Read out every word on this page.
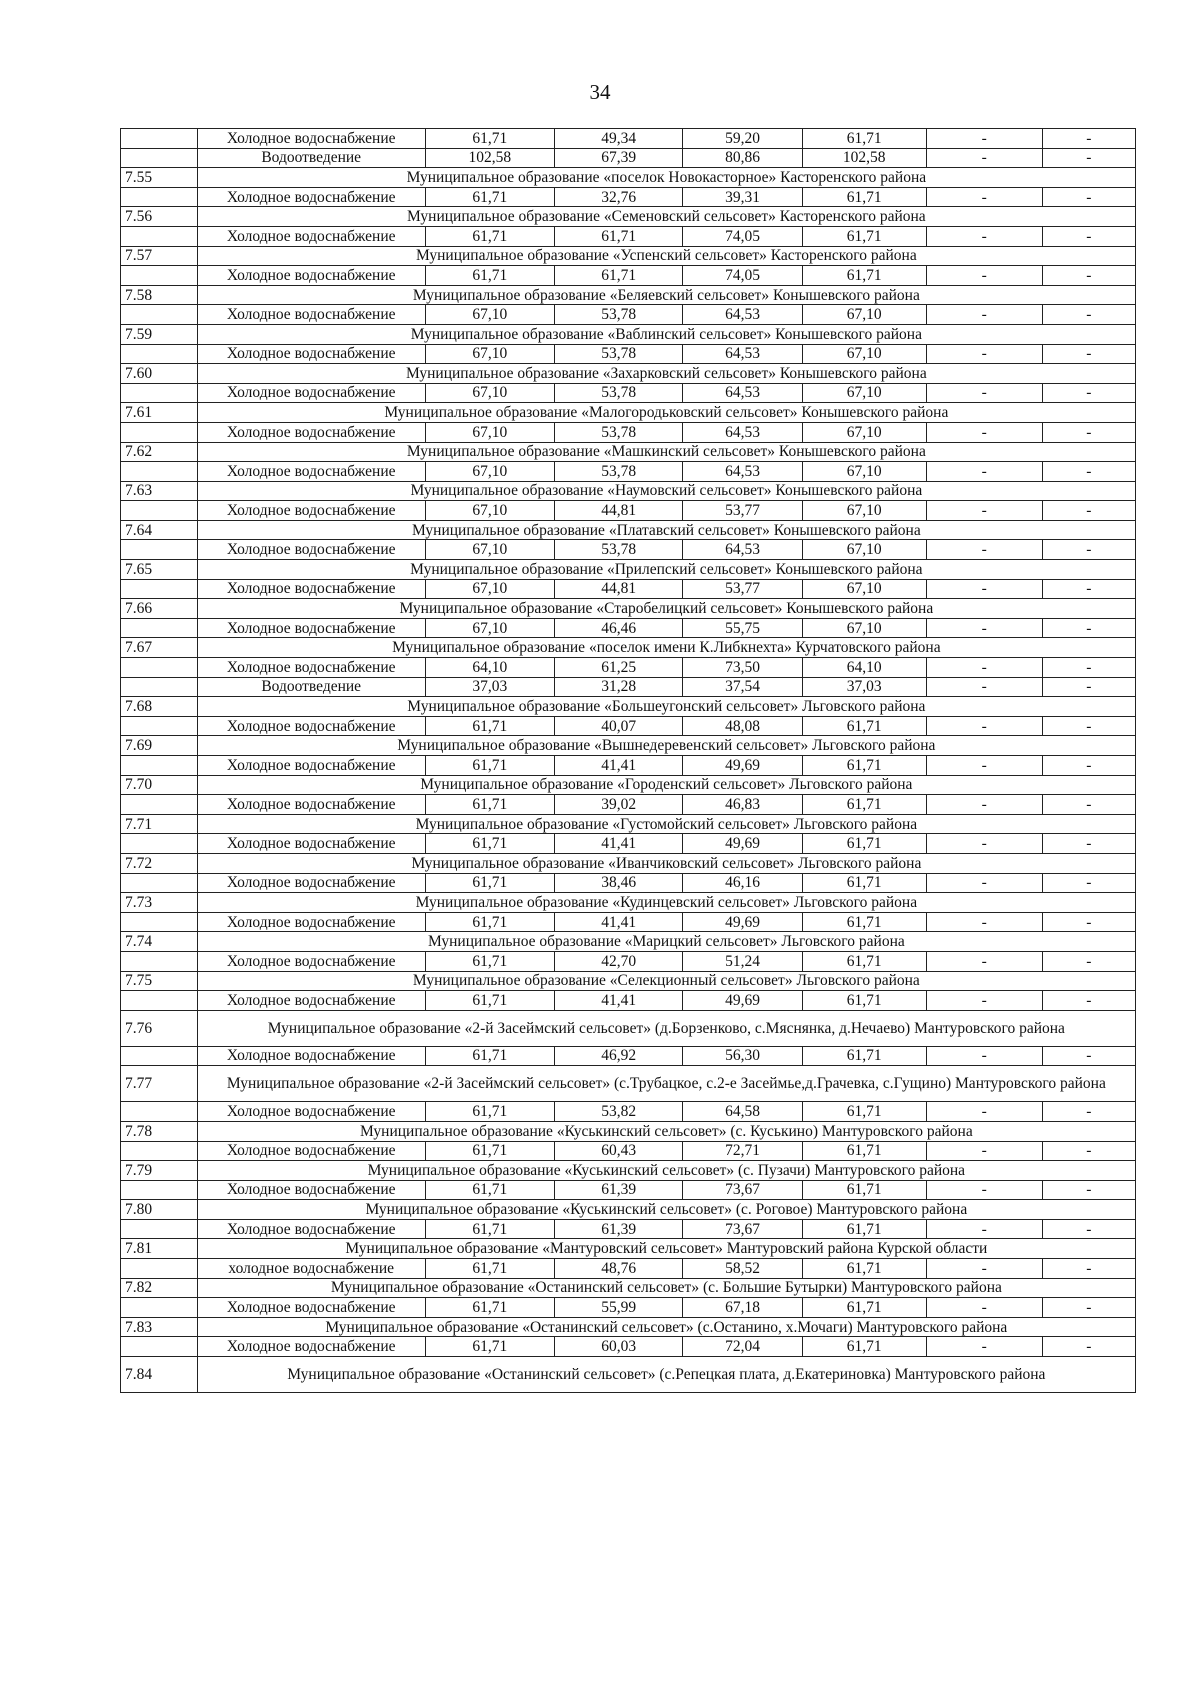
34
	Холодное водоснабжение	61,71	49,34	59,20	61,71	-	-
	Водоотведение	102,58	67,39	80,86	102,58	-	-
7.55	Муниципальное образование «поселок Новокасторное» Касторенского района						
	Холодное водоснабжение	61,71	32,76	39,31	61,71	-	-
7.56	Муниципальное образование «Семеновский сельсовет» Касторенского района						
	Холодное водоснабжение	61,71	61,71	74,05	61,71	-	-
7.57	Муниципальное образование «Успенский сельсовет» Касторенского района						
	Холодное водоснабжение	61,71	61,71	74,05	61,71	-	-
7.58	Муниципальное образование «Беляевский сельсовет» Конышевского района						
	Холодное водоснабжение	67,10	53,78	64,53	67,10	-	-
7.59	Муниципальное образование «Ваблинский сельсовет» Конышевского района						
	Холодное водоснабжение	67,10	53,78	64,53	67,10	-	-
7.60	Муниципальное образование «Захарковский сельсовет» Конышевского района						
	Холодное водоснабжение	67,10	53,78	64,53	67,10	-	-
7.61	Муниципальное образование «Малогородьковский сельсовет» Конышевского района						
	Холодное водоснабжение	67,10	53,78	64,53	67,10	-	-
7.62	Муниципальное образование «Машкинский сельсовет» Конышевского района						
	Холодное водоснабжение	67,10	53,78	64,53	67,10	-	-
7.63	Муниципальное образование «Наумовский сельсовет» Конышевского района						
	Холодное водоснабжение	67,10	44,81	53,77	67,10	-	-
7.64	Муниципальное образование «Платавский сельсовет» Конышевского района						
	Холодное водоснабжение	67,10	53,78	64,53	67,10	-	-
7.65	Муниципальное образование «Прилепский сельсовет» Конышевского района						
	Холодное водоснабжение	67,10	44,81	53,77	67,10	-	-
7.66	Муниципальное образование «Старобелицкий сельсовет» Конышевского района						
	Холодное водоснабжение	67,10	46,46	55,75	67,10	-	-
7.67	Муниципальное образование «поселок имени К.Либкнехта» Курчатовского района						
	Холодное водоснабжение	64,10	61,25	73,50	64,10	-	-
	Водоотведение	37,03	31,28	37,54	37,03	-	-
7.68	Муниципальное образование «Большеугонский сельсовет» Льговского района						
	Холодное водоснабжение	61,71	40,07	48,08	61,71	-	-
7.69	Муниципальное образование «Вышнедеревенский сельсовет» Льговского района						
	Холодное водоснабжение	61,71	41,41	49,69	61,71	-	-
7.70	Муниципальное образование «Городенский сельсовет» Льговского района						
	Холодное водоснабжение	61,71	39,02	46,83	61,71	-	-
7.71	Муниципальное образование «Густомойский сельсовет» Льговского района						
	Холодное водоснабжение	61,71	41,41	49,69	61,71	-	-
7.72	Муниципальное образование «Иванчиковский сельсовет» Льговского района						
	Холодное водоснабжение	61,71	38,46	46,16	61,71	-	-
7.73	Муниципальное образование «Кудинцевский сельсовет» Льговского района						
	Холодное водоснабжение	61,71	41,41	49,69	61,71	-	-
7.74	Муниципальное образование «Марицкий сельсовет» Льговского района						
	Холодное водоснабжение	61,71	42,70	51,24	61,71	-	-
7.75	Муниципальное образование «Селекционный сельсовет» Льговского района						
	Холодное водоснабжение	61,71	41,41	49,69	61,71	-	-
7.76	Муниципальное образование «2-й Засеймский сельсовет» (д.Борзенково, с.Мяснянка, д.Нечаево) Мантуровского района						
	Холодное водоснабжение	61,71	46,92	56,30	61,71	-	-
7.77	Муниципальное образование «2-й Засеймский сельсовет» (с.Трубацкое, с.2-е Засеймье,д.Грачевка, с.Гущино) Мантуровского района						
	Холодное водоснабжение	61,71	53,82	64,58	61,71	-	-
7.78	Муниципальное образование «Куськинский сельсовет» (с. Куськино) Мантуровского района						
	Холодное водоснабжение	61,71	60,43	72,71	61,71	-	-
7.79	Муниципальное образование «Куськинский сельсовет» (с. Пузачи) Мантуровского района						
	Холодное водоснабжение	61,71	61,39	73,67	61,71	-	-
7.80	Муниципальное образование «Куськинский сельсовет» (с. Роговое) Мантуровского района						
	Холодное водоснабжение	61,71	61,39	73,67	61,71	-	-
7.81	Муниципальное образование «Мантуровский сельсовет» Мантуровский района Курской области						
	холодное водоснабжение	61,71	48,76	58,52	61,71	-	-
7.82	Муниципальное образование «Останинский сельсовет» (с. Большие Бутырки) Мантуровского района						
	Холодное водоснабжение	61,71	55,99	67,18	61,71	-	-
7.83	Муниципальное образование «Останинский сельсовет» (с.Останино, х.Мочаги) Мантуровского района						
	Холодное водоснабжение	61,71	60,03	72,04	61,71	-	-
7.84	Муниципальное образование «Останинский сельсовет» (с.Репецкая плата, д.Екатериновка) Мантуровского района						
